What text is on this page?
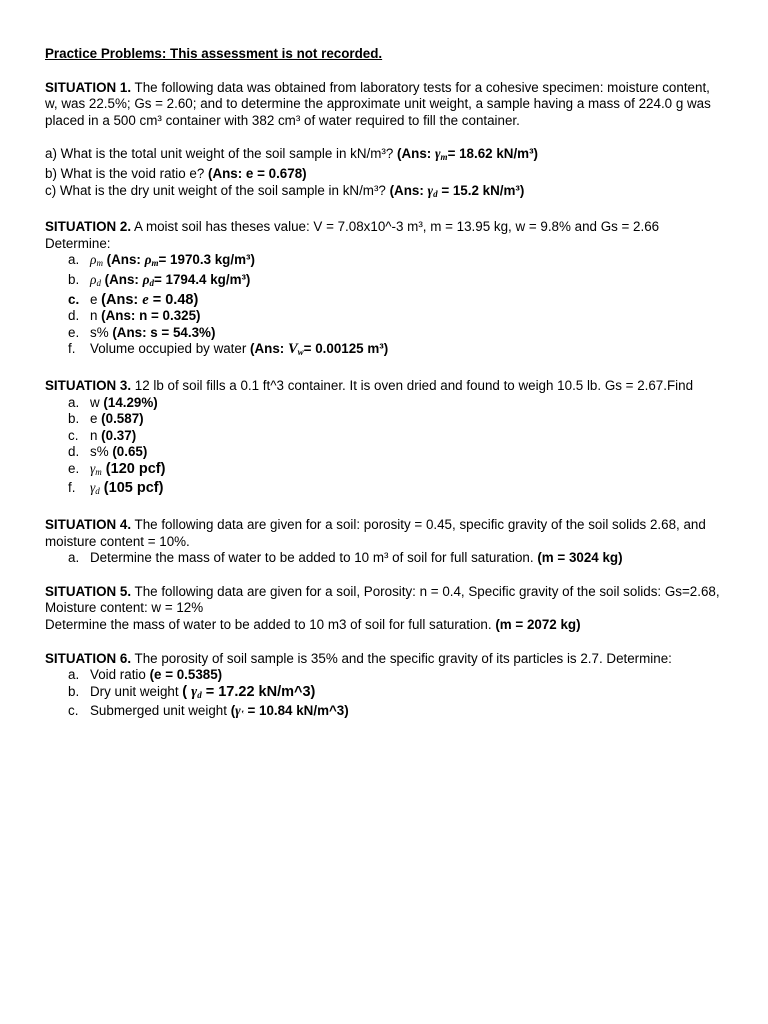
Practice Problems: This assessment is not recorded.

SITUATION 1. The following data was obtained from laboratory tests for a cohesive specimen: moisture content, w, was 22.5%; Gs = 2.60; and to determine the approximate unit weight, a sample having a mass of 224.0 g was placed in a 500 cm³ container with 382 cm³ of water required to fill the container.

a) What is the total unit weight of the soil sample in kN/m³? (Ans: $\gamma_m= 18.62$ kN/m³)

b) What is the void ratio e? (Ans: e = 0.678)

c) What is the dry unit weight of the soil sample in kN/m³? (Ans: $\gamma_d = 15.2$ kN/m³)

SITUATION 2. A moist soil has theses value: V = 7.08x10^-3 m³, m = 13.95 kg, w = 9.8% and Gs = 2.66

Determine:

a. $\rho_m$ (Ans: $\rho_m= 1970.3$ kg/m³)
b. $\rho_d$ (Ans: $\rho_d= 1794.4$ kg/m³)
c. e (Ans: e = 0.48)
d. n (Ans: n = 0.325)
e. s% (Ans: s = 54.3%)
f. Volume occupied by water (Ans: $V_w= 0.00125$ m³)

SITUATION 3. 12 lb of soil fills a 0.1 ft^3 container. It is oven dried and found to weigh 10.5 lb. Gs = 2.67.Find

a. w (14.29%)
b. e (0.587)
c. n (0.37)
d. s% (0.65)
e. $\gamma_m$ (120 pcf)
f. $\gamma_d$ (105 pcf)

SITUATION 4. The following data are given for a soil: porosity = 0.45, specific gravity of the soil solids 2.68, and moisture content = 10%.

a. Determine the mass of water to be added to 10 m³ of soil for full saturation. (m = 3024 kg)

SITUATION 5. The following data are given for a soil, Porosity: n = 0.4, Specific gravity of the soil solids: Gs=2.68, Moisture content: w = 12%

Determine the mass of water to be added to 10 m3 of soil for full saturation. (m = 2072 kg)

SITUATION 6. The porosity of soil sample is 35% and the specific gravity of its particles is 2.7. Determine:

a. Void ratio (e = 0.5385)
b. Dry unit weight ( $\gamma_d = 17.22$ kN/m^3)
c. Submerged unit weight ($\gamma_‛ = 10.84$ kN/m^3)
